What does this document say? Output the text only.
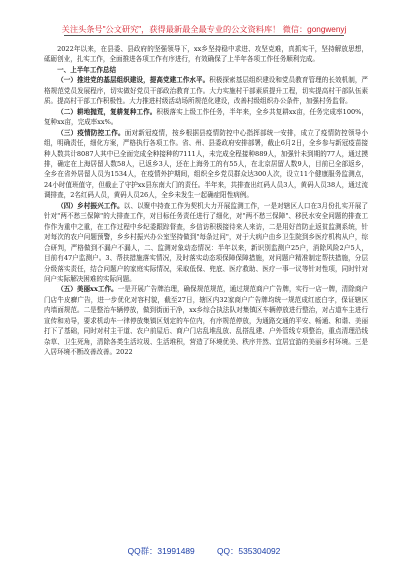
关注头条号"公文研究"，获得最新最全最专业的公文资料库！ 微信：gongwenyj

2022年以来，在县委、县政府的坚强领导下，xx乡坚持稳中求进、攻坚克难，真抓实干，坚持解放思想，砥砺创业，扎实工作，全面推进各项工作有序进行，有效确保了上半年各项工作任务顺利完成。

一、上半年工作总结

（一）推进党的基层组织建设，提高党建工作水平。积极探索基层组织建设和党员教育管理的长效机制，严格规范党员发展程序，切实做好党员干部政治教育工作。大力实施村干部素质提升工程，切实提高村干部队伍素质。提高村干部工作积极性。大力推进村级活动场所规范化建设，改善村级组织办公条件，加强村务监督。

（二）耕地抛荒，复耕复种工作。积极落实上级工作任务，半年来，全乡共复耕xx亩，任务完成率100%，复种xx亩，完成率xx%。

（三）疫情防控工作。面对新冠疫情，按乡根据县疫情防控中心指挥部统一安排，成立了疫情防控领导小组，明确责任，细化方案，严格执行各项工作。省、州、县委政府安排部署，截止6月2日，全乡参与新冠疫苗接种人数共计8087人其中已全面完成全种接种的7111人，未完成全程接种889人，加强针未到期的77人，通过摸排，确定在上海居留人数58人，已返乡3人，还在上海务工的有55人，在北京居留人数9人，目前已全部返乡，全乡在省外居留人员为1534人，在疫情外护期间，组织全乡党员群众达300人次，设立11个健康服务监测点，24小时值班值守，但截止了守护xx县东南大门的责任。半年来，共排查出红码人员3人，黄码人员38人，通过流调排查，2名红码人员，黄码人员26人，全乡未发生一起确症阳性病例。

（四）乡村振兴工作。以、以聚中持查工作为契机大力开展监测工作，一是对辖区人口在3月份扎实开展了针对"两不愁三保障"的大排查工作，对目标任务责任进行了细化，对"两不愁三保障"、移民水安全问题的排查工作作为重中之重，在工作过程中乡纪委跟踪督查，乡信访积极接待来人来访，二是用好首防止返贫监测系统，针对每次的农户问题预警，乡乡村振兴办公室坚持做到"每条过问"，对于大病户由乡卫生院到乡医疗机构从户，综合研判，严格做到不漏户不漏人，二、监测对象动态情况：半年以来，新识别监测户25户，消除风险2户5人，目前有47户监测户。3、帮扶措施落实情况，及时落实动态项保障保障措施，对问题户精准制定帮扶措施，分层分级落实责任，结合问题户的家庭实际情况，采取低保、兜底、医疗救助、医疗一事一议等针对性项，同时针对问户实际解决困难的实际问题。

（五）美丽xx工作。一是开展广告牌治理，确保规范规范，通过规范商户广告牌，实行一店一牌，清除商户门店牛皮癣广告，进一步优化对容村貌，截至27日，辖区内32家商户广告牌均统一规范成红底白字，保证辖区内墙面规范。二是整治车辆停放，做到街面干净，xx乡综合执法队对集镇区车辆停放进行整治，对占道车主进行宣传和劝导，要求机动车一律停放集镇区划定的车位内，有序规范停放，为通路交通的平安、畅通、和谐、美丽打下了基础，同时对村主干道、农户前屋后、商户门店乱堆乱放、乱搭乱建、户外管线专项整治，重点清理沿线杂草、卫生死角，清除各类生活垃圾、生活堆积，营造了环境优美、秩序井然、宜居宜游的美丽乡村环境。三是入居环境不断改善改善。2022

QQ群：31991489	QQ：535304092
